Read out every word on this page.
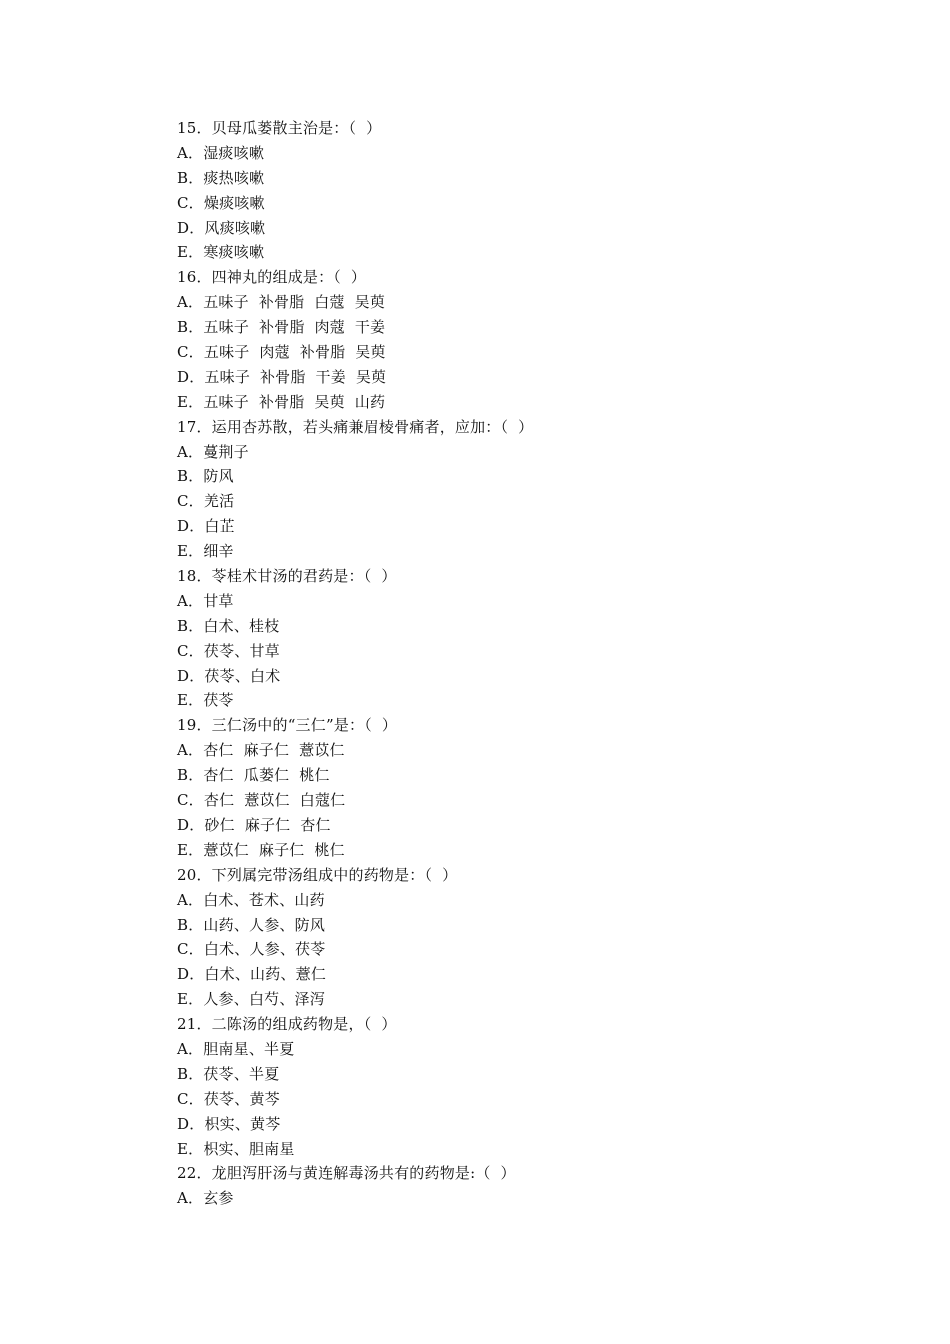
15．贝母瓜蒌散主治是：（  ）
A．湿痰咳嗽
B．痰热咳嗽
C．燥痰咳嗽
D．风痰咳嗽
E．寒痰咳嗽
16．四神丸的组成是：（  ）
A．五味子  补骨脂  白蔻  吴萸
B．五味子  补骨脂  肉蔻  干姜
C．五味子  肉蔻  补骨脂  吴萸
D．五味子  补骨脂  干姜  吴萸
E．五味子  补骨脂  吴萸  山药
17．运用杏苏散，若头痛兼眉棱骨痛者，应加：（  ）
A．蔓荆子
B．防风
C．羌活
D．白芷
E．细辛
18．苓桂术甘汤的君药是：（  ）
A．甘草
B．白术、桂枝
C．茯苓、甘草
D．茯苓、白术
E．茯苓
19．三仁汤中的“三仁”是：（  ）
A．杏仁  麻子仁  薏苡仁
B．杏仁  瓜蒌仁  桃仁
C．杏仁  薏苡仁  白蔻仁
D．砂仁  麻子仁  杏仁
E．薏苡仁  麻子仁  桃仁
20．下列属完带汤组成中的药物是：（  ）
A．白术、苍术、山药
B．山药、人参、防风
C．白术、人参、茯苓
D．白术、山药、薏仁
E．人参、白芍、泽泻
21．二陈汤的组成药物是，（  ）
A．胆南星、半夏
B．茯苓、半夏
C．茯苓、黄芩
D．枳实、黄芩
E．枳实、胆南星
22．龙胆泻肝汤与黄连解毒汤共有的药物是:（  ）
A．玄参
